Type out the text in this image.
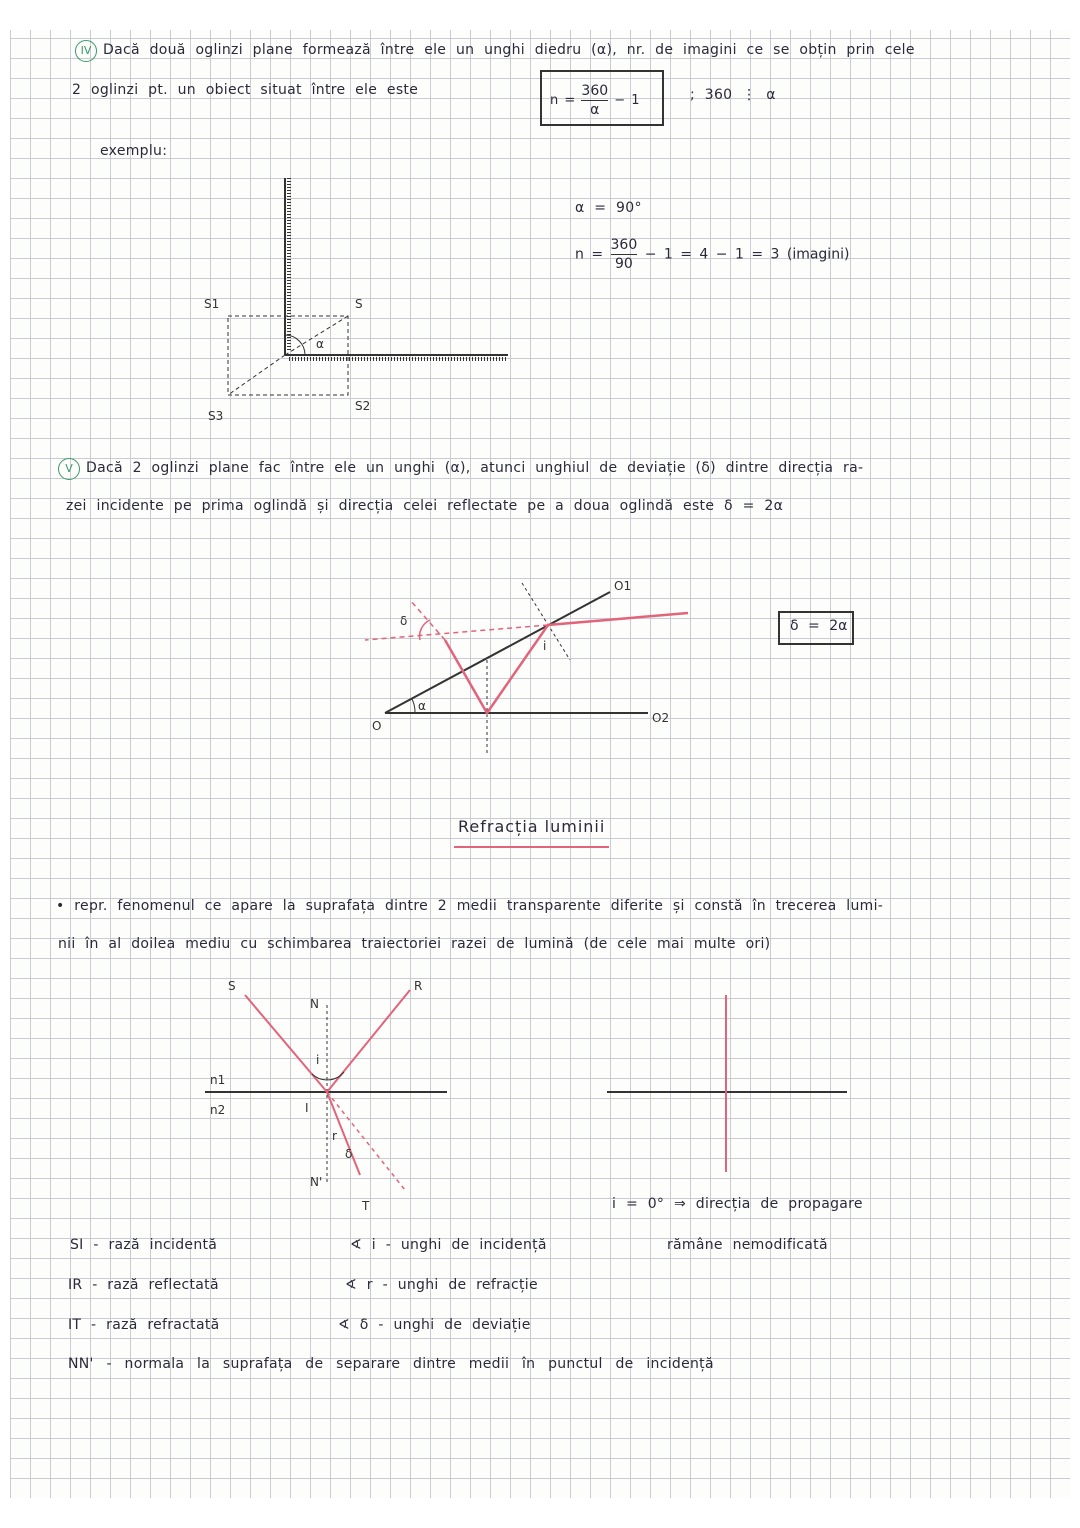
IV Dacă două oglinzi plane formează între ele un unghi diedru (α), nr. de imagini ce se obțin prin cele
2 oglinzi pt. un obiect situat între ele este
$n = \frac{360}{\alpha} - 1$	; 360 ⋮ α
exemplu:
α = 90°
$n = \frac{360}{90} - 1 = 4 - 1 = 3$ (imagini)
V Dacă 2 oglinzi plane fac între ele un unghi (α), atunci unghiul de deviație (δ) dintre direcția ra-
zei incidente pe prima oglindă și direcția celei reflectate pe a doua oglindă este δ = 2α
δ = 2α
Refracția luminii
• repr. fenomenul ce apare la suprafața dintre 2 medii transparente diferite și constă în trecerea lumi-
nii în al doilea mediu cu schimbarea traiectoriei razei de lumină (de cele mai multe ori)
i = 0° ⇒ direcția de propagare
rămâne nemodificată
SI - rază incidentă
IR - rază reflectată
IT - rază refractată
NN' - normala la suprafața de separare dintre medii în punctul de incidență
∢ i - unghi de incidență
∢ r - unghi de refracție
∢ δ - unghi de deviație
S1	S
S2
S3
α
O
O1
O2
α
δ
i
S
N
R
n1
n2	I
N'
T
i
r
δ
